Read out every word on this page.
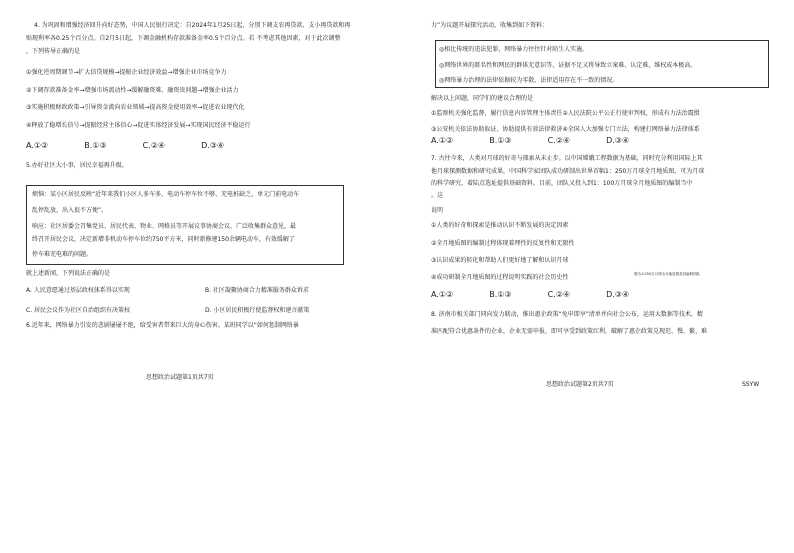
4. 为巩固和增强经济回升向好态势，中国人民银行决定：自2024年1月25日起，分别下调支农再贷款、支小再贷款和再
贴现利率各0.25个百分点。自2月5日起，下调金融机构存款准备金率0.5个百分点。若 不考虑其他因素，对于此次调整
，下列传导正确的是
①强化逆周期调节→扩大信贷规模→提振企业经济效益→增强企业市场竞争力
②下调存款准备金率→增强市场流动性→缓解融资难、融资贵问题→增强企业活力
③实施积极财政政策→引导资金流向农业领域→提高资金使用效率→促进农业现代化
④释放了稳增长信号→提振经营主体信心→促进实体经济发展→实现国民经济平稳运行
A.①②	B.①③	C.②④	D.③④
5.办好社区大小事，居民幸福再升级。
烦恼：某小区居民反映“近年来我们小区人多车多，电动车停车位不够，充电桩缺乏，单元门前电动车
乱停乱放，出入很不方便”。
响应：社区居委会召集党员、居民代表、物业、网格员等开展议事协商会议，广泛收集群众意见，最
终召开居民会议，决定新增非机动车停车位约750平方米，同时新修建150余辆电动车，有效缓解了
停车难充电难的问题。
就上述新闻，下列说法正确的是
A. 人民意愿通过基层政权体系得以实现	B. 社区凝聚协商合力精准服务群众诉求
C. 居民会议作为社区自治组织有决策权	D. 小区居民积极行使监督权和建言献策
6.近年来，网络暴力引发的悲剧屡屡不绝，给受害者带来巨大的身心伤害。某班同学以“如何惩制网络暴
思想政治试题第1页共7页
力”为议题开展探究活动，收集到如下资料：
◎相比传统的违法犯罪，网络暴力往往针对陌生人实施。
◎网络世界的匿名性和网民的群体无意识等，证据不足又将导致立案难、认定难，维权成本极高。
◎网络暴力治理的法律依据较为零散，法律适用存在不一致的情况。
解决以上问题，同学们的建议合理的是
①监察机关强化监督，履行信息内容管理主体责任②人民法院公平公正行使审判权，形成有力法治震慑
③公安机关依法协助取证，协助提供有效法律救济④全国人大加强专门立法，构建打网络暴力法律体系
A.①②	B.①③	C.②④	D.③④
7. 古往今来，人类对月球的好奇与探索从未止步。以中国嫦娥工程数据为基础，同时充分利用国际上其
他月球探测数据和研究成果，中国科学家团队成功研制出世界首幅1：250万月球全月地质图，可为月球
的科学研究、着陆点选址提供基础资料。目前，团队又投入到1：100万月球全月地质图的编制当中
。这
说明
①人类的好奇和探索是推动认识不断发展的决定因素
②全月地质图的编制过程体现着理性的反复性和无限性
③认识成果的转化和帮助人们更好地了解和认识月球
④成功研制全月地质图的过程说明实践的社会历史性	图为1:250万月球全月地质图及其编制团队
A.①②	B.①③	C.②④	D.③④
8. 济南市相关部门同向发力联动，推出惠企政策“免申即享”清单并向社会公布，运用大数据等技术，精
准匹配符合优惠条件的企业，企业无需申报，即可享受到政策红利，破解了惠企政策兑现迟、慢、繁、难
思想政治试题第2页共7页	SSYW
